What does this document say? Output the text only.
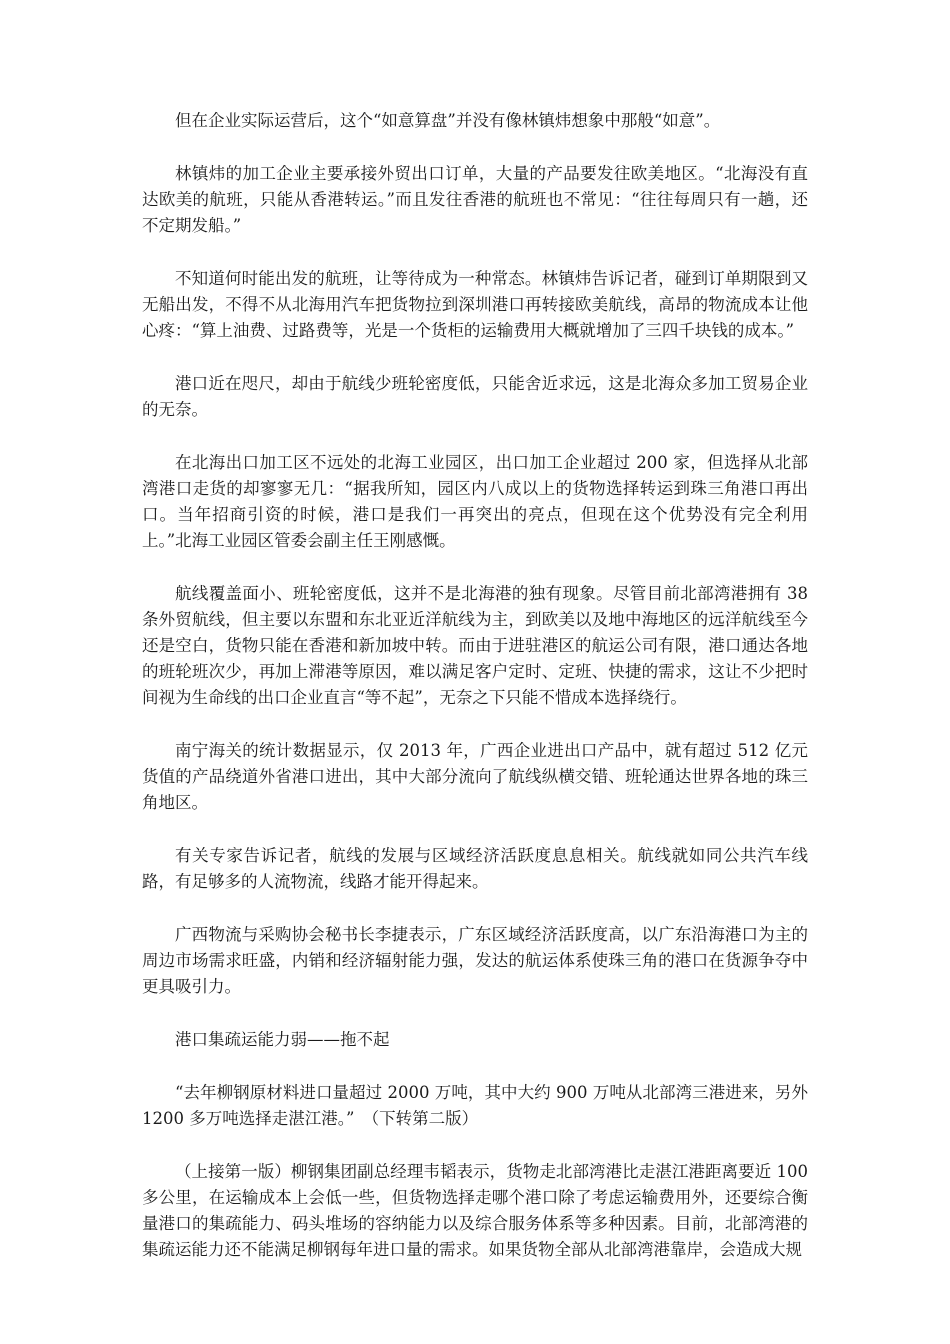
但在企业实际运营后，这个“如意算盘”并没有像林镇炜想象中那般“如意”。

林镇炜的加工企业主要承接外贸出口订单，大量的产品要发往欧美地区。“北海没有直达欧美的航班，只能从香港转运。”而且发往香港的航班也不常见：“往往每周只有一趟，还不定期发船。”

不知道何时能出发的航班，让等待成为一种常态。林镇炜告诉记者，碰到订单期限到又无船出发，不得不从北海用汽车把货物拉到深圳港口再转接欧美航线，高昂的物流成本让他心疼：“算上油费、过路费等，光是一个货柜的运输费用大概就增加了三四千块钱的成本。”

港口近在咫尺，却由于航线少班轮密度低，只能舍近求远，这是北海众多加工贸易企业的无奈。

在北海出口加工区不远处的北海工业园区，出口加工企业超过 200 家，但选择从北部湾港口走货的却寥寥无几：“据我所知，园区内八成以上的货物选择转运到珠三角港口再出口。当年招商引资的时候，港口是我们一再突出的亮点，但现在这个优势没有完全利用上。”北海工业园区管委会副主任王刚感慨。

航线覆盖面小、班轮密度低，这并不是北海港的独有现象。尽管目前北部湾港拥有 38条外贸航线，但主要以东盟和东北亚近洋航线为主，到欧美以及地中海地区的远洋航线至今还是空白，货物只能在香港和新加坡中转。而由于进驻港区的航运公司有限，港口通达各地的班轮班次少，再加上滞港等原因，难以满足客户定时、定班、快捷的需求，这让不少把时间视为生命线的出口企业直言“等不起”，无奈之下只能不惜成本选择绕行。

南宁海关的统计数据显示，仅 2013 年，广西企业进出口产品中，就有超过 512 亿元货值的产品绕道外省港口进出，其中大部分流向了航线纵横交错、班轮通达世界各地的珠三角地区。

有关专家告诉记者，航线的发展与区域经济活跃度息息相关。航线就如同公共汽车线路，有足够多的人流物流，线路才能开得起来。

广西物流与采购协会秘书长李捷表示，广东区域经济活跃度高，以广东沿海港口为主的周边市场需求旺盛，内销和经济辐射能力强，发达的航运体系使珠三角的港口在货源争夺中更具吸引力。

港口集疏运能力弱——拖不起

“去年柳钢原材料进口量超过 2000 万吨，其中大约 900 万吨从北部湾三港进来，另外1200 多万吨选择走湛江港。”　（下转第二版）

（上接第一版）柳钢集团副总经理韦韬表示，货物走北部湾港比走湛江港距离要近 100多公里，在运输成本上会低一些，但货物选择走哪个港口除了考虑运输费用外，还要综合衡量港口的集疏能力、码头堆场的容纳能力以及综合服务体系等多种因素。目前，北部湾港的集疏运能力还不能满足柳钢每年进口量的需求。如果货物全部从北部湾港靠岸，会造成大规
